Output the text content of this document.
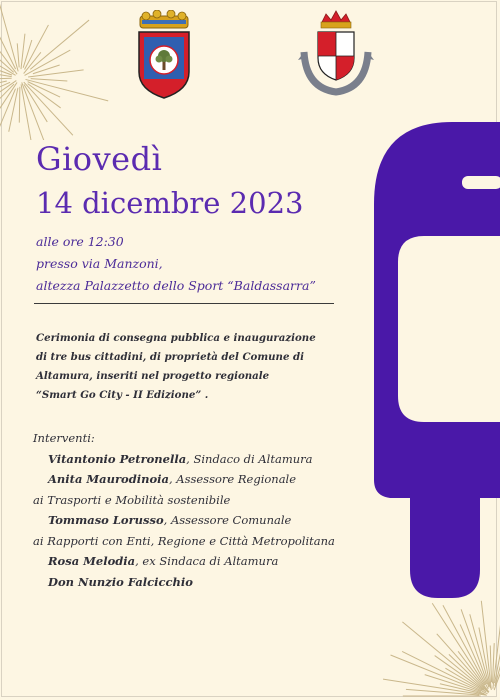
Giovedì
14 dicembre 2023
alle ore 12:30
presso via Manzoni,
altezza Palazzetto dello Sport “Baldassarra”
Cerimonia di consegna pubblica e inaugurazione
di tre bus cittadini, di proprietà del Comune di
Altamura, inseriti nel progetto regionale
“Smart Go City - II Edizione” .
Interventi:
Vitantonio Petronella, Sindaco di Altamura
Anita Maurodinoia, Assessore Regionale
ai Trasporti e Mobilità sostenibile
Tommaso Lorusso, Assessore Comunale
ai Rapporti con Enti, Regione e Città Metropolitana
Rosa Melodia, ex Sindaca di Altamura
Don Nunzio Falcicchio
